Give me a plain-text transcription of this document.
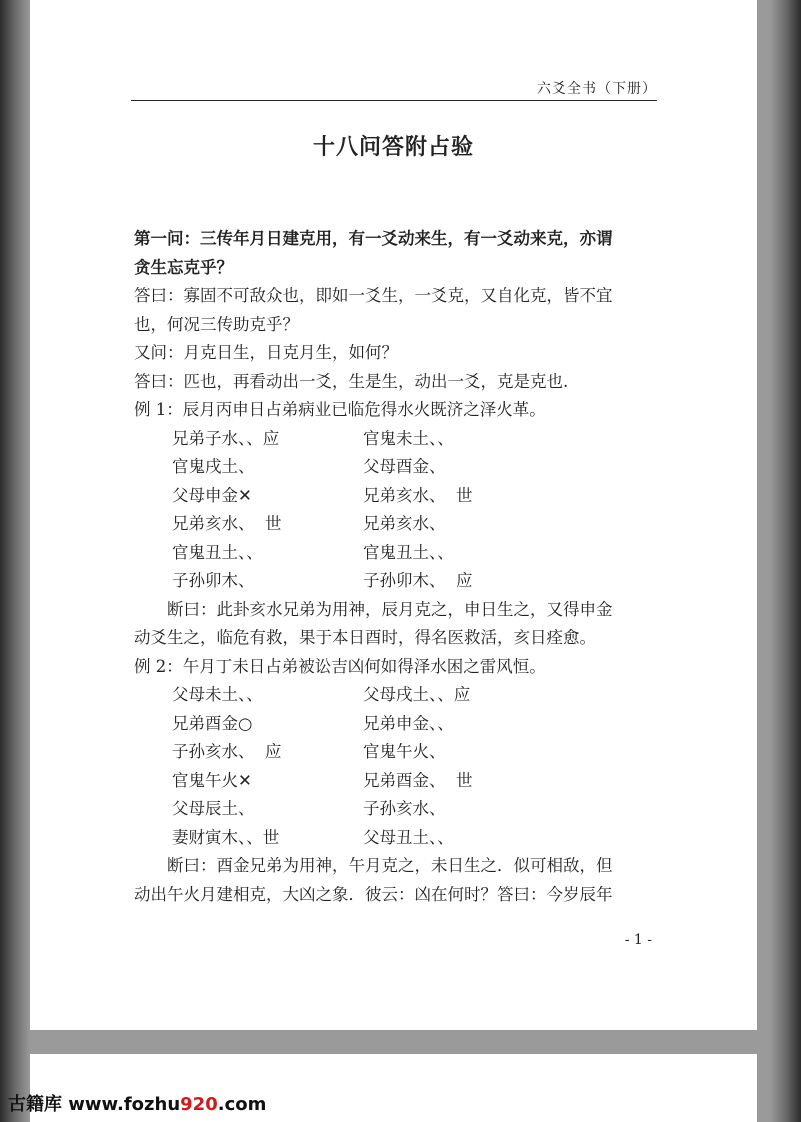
六爻全书（下册）
十八问答附占验

第一问：三传年月日建克用，有一爻动来生，有一爻动来克，亦谓

贪生忘克乎？

答曰：寡固不可敌众也，即如一爻生，一爻克，又自化克，皆不宜

也，何况三传助克乎？

又问：月克日生，日克月生，如何？

答曰：匹也，再看动出一爻，生是生，动出一爻，克是克也.

例 1：辰月丙申日占弟病业已临危得水火既济之泽火革。

兄弟子水、、应	官鬼未土、、
官鬼戌土、	父母酉金、
父母申金✕	兄弟亥水、  世
兄弟亥水、  世	兄弟亥水、
官鬼丑土、、	官鬼丑土、、
子孙卯木、	子孙卯木、  应

断曰：此卦亥水兄弟为用神，辰月克之，申日生之，又得申金

动爻生之，临危有救，果于本日酉时，得名医救活，亥日痊愈。

例 2：午月丁未日占弟被讼吉凶何如得泽水困之雷风恒。

父母未土、、	父母戌土、、应
兄弟酉金○	兄弟申金、、
子孙亥水、  应	官鬼午火、
官鬼午火✕	兄弟酉金、  世
父母辰土、	子孙亥水、
妻财寅木、、世	父母丑土、、

断曰：酉金兄弟为用神，午月克之，未日生之．似可相敌，但

动出午火月建相克，大凶之象．彼云：凶在何时？答曰：今岁辰年

- 1 -
古籍库 www.fozhu920.com
